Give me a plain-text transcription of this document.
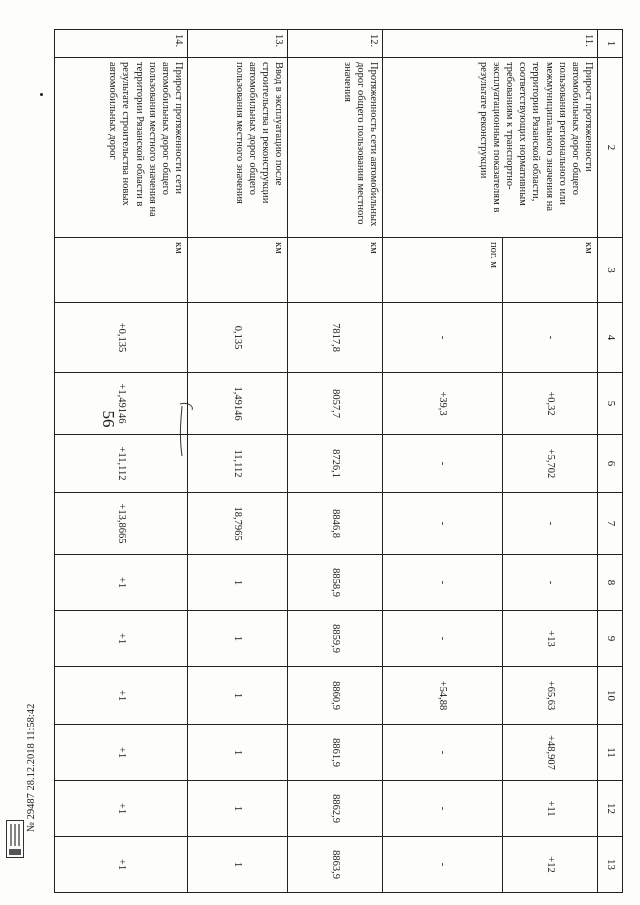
56
№ 29487 28.12.2018 11:58:42
1	2	3	4	5	6	7	8	9	10	11	12	13
11.	Прирост протяженности автомобильных дорог общего пользования регионального или межмуниципального значения на территории Рязанской области, соответствующих нормативным требованиям к транспортно-эксплуатационным показателям в результате реконструкции	км	-	+0,32	+5,702	-	-	+13	+65,63	+48,907	+11	+12
		пог. м	-	+39,3	-	-	-	-	+54,88	-	-	-
12.	Протяженность сети автомобильных дорог общего пользования местного значения	км	7817,8	8057,7	8726,1	8846,8	8858,9	8859,9	8860,9	8861,9	8862,9	8863,9
13.	Ввод в эксплуатацию после строительства и реконструкции автомобильных дорог общего пользования местного значения	км	0,135	1,49146	11,112	18,7965	1	1	1	1	1	1
14.	Прирост протяженности сети автомобильных дорог общего пользования местного значения на территории Рязанской области в результате строительства новых автомобильных дорог	км	+0,135	+1,49146	+11,112	+13,8665	+1	+1	+1	+1	+1	+1
